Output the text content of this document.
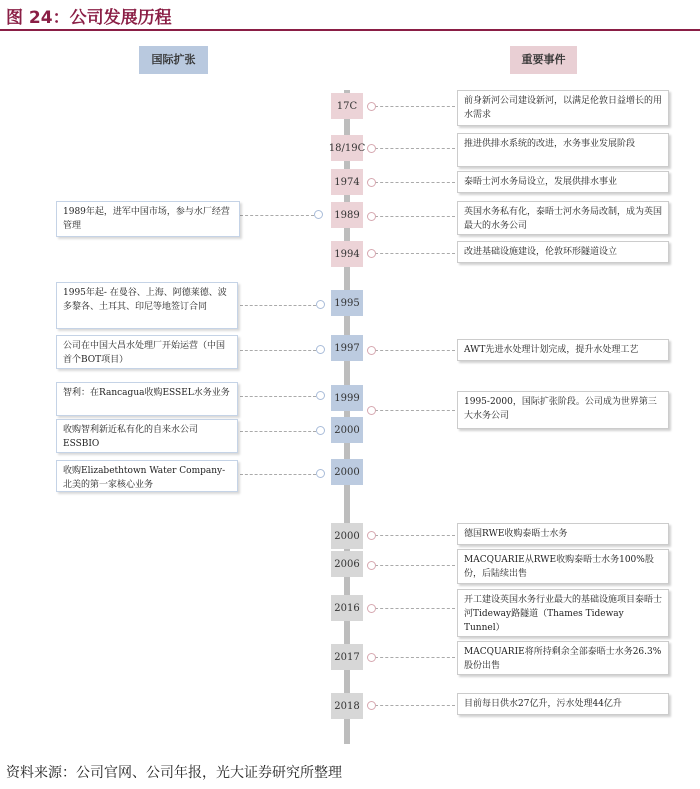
图 24：公司发展历程
国际扩张	重要事件
17C
18/19C
1974
1989
1994
1995
1997
1999
2000
2000
2000
2006
2016
2017
2018
前身新河公司建设新河，以满足伦敦日益增长的用水需求
推进供排水系统的改进，水务事业发展阶段
泰晤士河水务局设立，发展供排水事业
英国水务私有化，泰晤士河水务局改制，成为英国最大的水务公司
改进基础设施建设，伦敦环形隧道设立
AWT先进水处理计划完成，提升水处理工艺
1995-2000，国际扩张阶段。公司成为世界第三大水务公司
德国RWE收购泰晤士水务
MACQUARIE从RWE收购泰晤士水务100%股份，后陆续出售
开工建设英国水务行业最大的基础设施项目泰晤士河Tideway路隧道（Thames Tideway Tunnel）
MACQUARIE将所持剩余全部泰晤士水务26.3%股份出售
目前每日供水27亿升，污水处理44亿升
1989年起，进军中国市场，参与水厂经营管理
1995年起- 在曼谷、上海、阿德莱德、波多黎各、土耳其、印尼等地签订合同
公司在中国大昌水处理厂开始运营（中国首个BOT项目）
智利：在Rancagua收购ESSEL水务业务
收购智利新近私有化的自来水公司ESSBIO
收购Elizabethtown Water Company-北美的第一家核心业务
资料来源：公司官网、公司年报，光大证券研究所整理
